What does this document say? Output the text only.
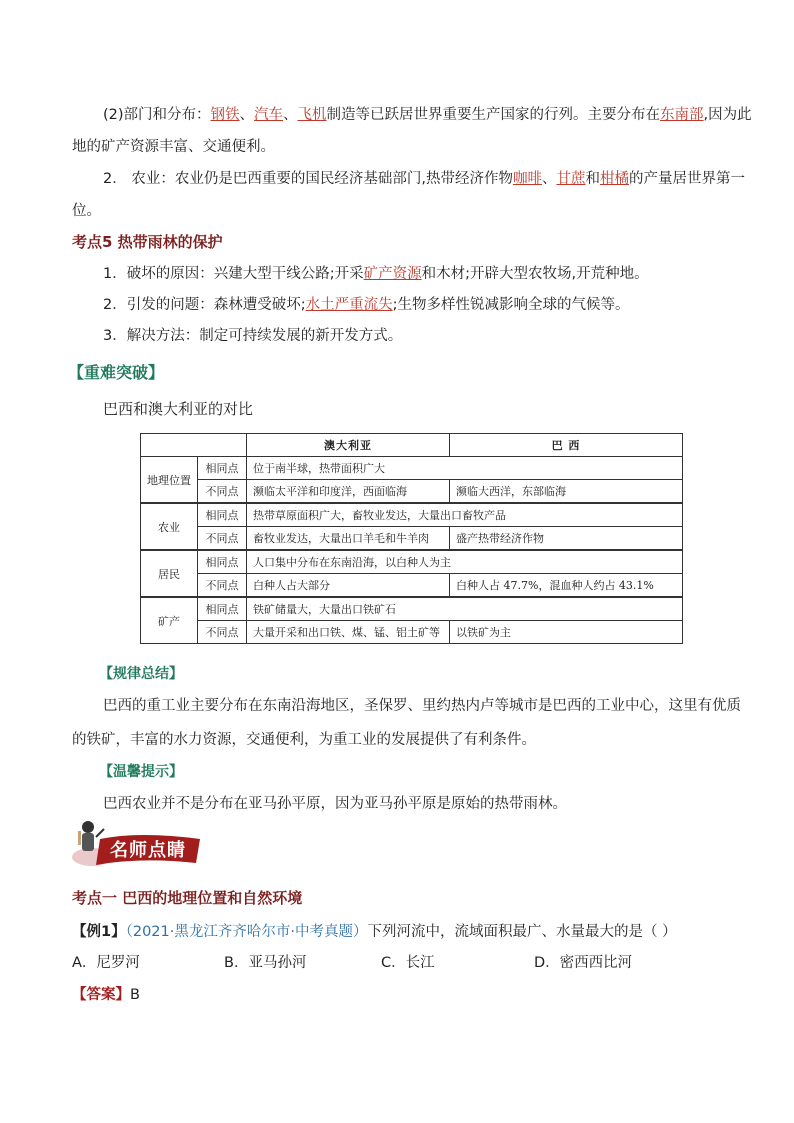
(2)部门和分布：钢铁、汽车、飞机制造等已跃居世界重要生产国家的行列。主要分布在东南部,因为此
地的矿产资源丰富、交通便利。
2． 农业：农业仍是巴西重要的国民经济基础部门,热带经济作物咖啡、甘蔗和柑橘的产量居世界第一
位。
考点5 热带雨林的保护
1．破坏的原因：兴建大型干线公路;开采矿产资源和木材;开辟大型农牧场,开荒种地。
2．引发的问题：森林遭受破坏;水土严重流失;生物多样性锐减影响全球的气候等。
3．解决方法：制定可持续发展的新开发方式。
【重难突破】
巴西和澳大利亚的对比
		澳大利亚	巴 西
地理位置	相同点	位于南半球，热带面积广大	
	不同点	濒临太平洋和印度洋，西面临海	濒临大西洋，东部临海
农业	相同点	热带草原面积广大，畜牧业发达，大量出口畜牧产品	
	不同点	畜牧业发达，大量出口羊毛和牛羊肉	盛产热带经济作物
居民	相同点	人口集中分布在东南沿海，以白种人为主	
	不同点	白种人占大部分	白种人占 47.7%，混血种人约占 43.1%
矿产	相同点	铁矿储量大，大量出口铁矿石	
	不同点	大量开采和出口铁、煤、锰、铝土矿等	以铁矿为主
【规律总结】
巴西的重工业主要分布在东南沿海地区，圣保罗、里约热内卢等城市是巴西的工业中心，这里有优质
的铁矿，丰富的水力资源，交通便利，为重工业的发展提供了有利条件。
【温馨提示】
巴西农业并不是分布在亚马孙平原，因为亚马孙平原是原始的热带雨林。
名师点睛
考点一 巴西的地理位置和自然环境
【例1】（2021·黑龙江齐齐哈尔市·中考真题）下列河流中，流域面积最广、水量最大的是（ ）
A．尼罗河	B．亚马孙河	C．长江	D．密西西比河
【答案】B
